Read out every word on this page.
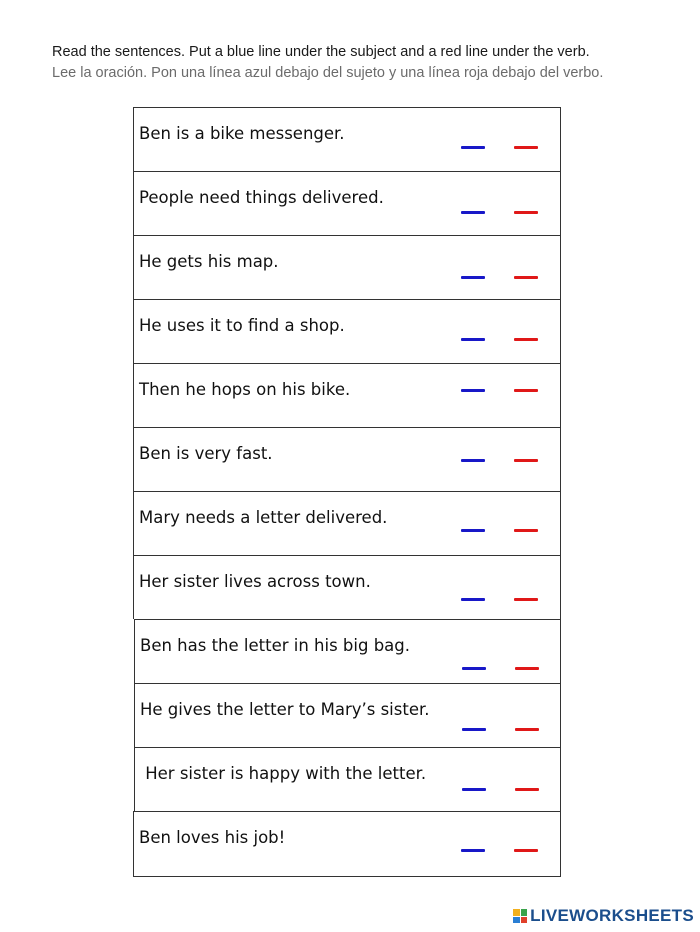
Read the sentences. Put a blue line under the subject and a red line under the verb.
Lee la oración. Pon una línea azul debajo del sujeto y una línea roja debajo del verbo.
Ben is a bike messenger.
People need things delivered.
He gets his map.
He uses it to find a shop.
Then he hops on his bike.
Ben is very fast.
Mary needs a letter delivered.
Her sister lives across town.
Ben has the letter in his big bag.
He gives the letter to Mary’s sister.
Her sister is happy with the letter.
Ben loves his job!
LIVEWORKSHEETS
